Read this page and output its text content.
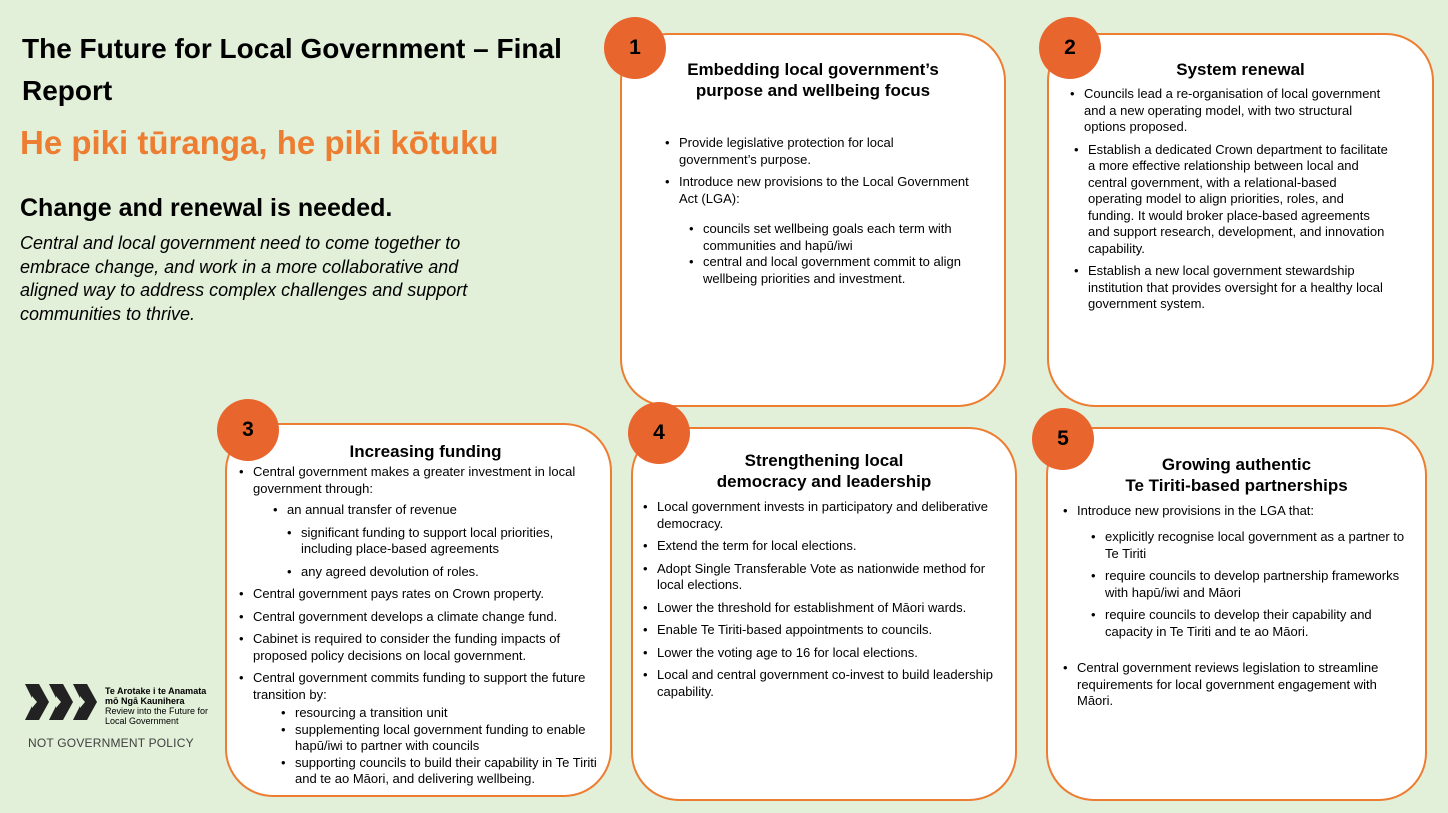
The Future for Local Government – Final Report
He piki tūranga, he piki kōtuku
Change and renewal is needed.
Central and local government need to come together to embrace change, and work in a more collaborative and aligned way to address complex challenges and support communities to thrive.
Te Arotake i te Anamata
mō Ngā Kaunihera
Review into the Future for
Local Government
NOT GOVERNMENT POLICY
Embedding local government’s
purpose and wellbeing focus
• Provide legislative protection for local government’s purpose.
• Introduce new provisions to the Local Government Act (LGA):
• councils set wellbeing goals each term with communities and hapū/iwi
• central and local government commit to align wellbeing priorities and investment.
1
System renewal
• Councils lead a re-organisation of local government and a new operating model, with two structural options proposed.
• Establish a dedicated Crown department to facilitate a more effective relationship between local and central government, with a relational-based operating model to align priorities, roles, and funding. It would broker place-based agreements and support research, development, and innovation capability.
• Establish a new local government stewardship institution that provides oversight for a healthy local government system.
2
Increasing funding
• Central government makes a greater investment in local government through:
• an annual transfer of revenue
• significant funding to support local priorities, including place-based agreements
• any agreed devolution of roles.
• Central government pays rates on Crown property.
• Central government develops a climate change fund.
• Cabinet is required to consider the funding impacts of proposed policy decisions on local government.
• Central government commits funding to support the future transition by:
• resourcing a transition unit
• supplementing local government funding to enable hapū/iwi to partner with councils
• supporting councils to build their capability in Te Tiriti and te ao Māori, and delivering wellbeing.
3
Strengthening local
democracy and leadership
• Local government invests in participatory and deliberative democracy.
• Extend the term for local elections.
• Adopt Single Transferable Vote as nationwide method for local elections.
• Lower the threshold for establishment of Māori wards.
• Enable Te Tiriti-based appointments to councils.
• Lower the voting age to 16 for local elections.
• Local and central government co-invest to build leadership capability.
4
Growing authentic
Te Tiriti-based partnerships
• Introduce new provisions in the LGA that:
• explicitly recognise local government as a partner to Te Tiriti
• require councils to develop partnership frameworks with hapū/iwi and Māori
• require councils to develop their capability and capacity in Te Tiriti and te ao Māori.
• Central government reviews legislation to streamline requirements for local government engagement with Māori.
5
